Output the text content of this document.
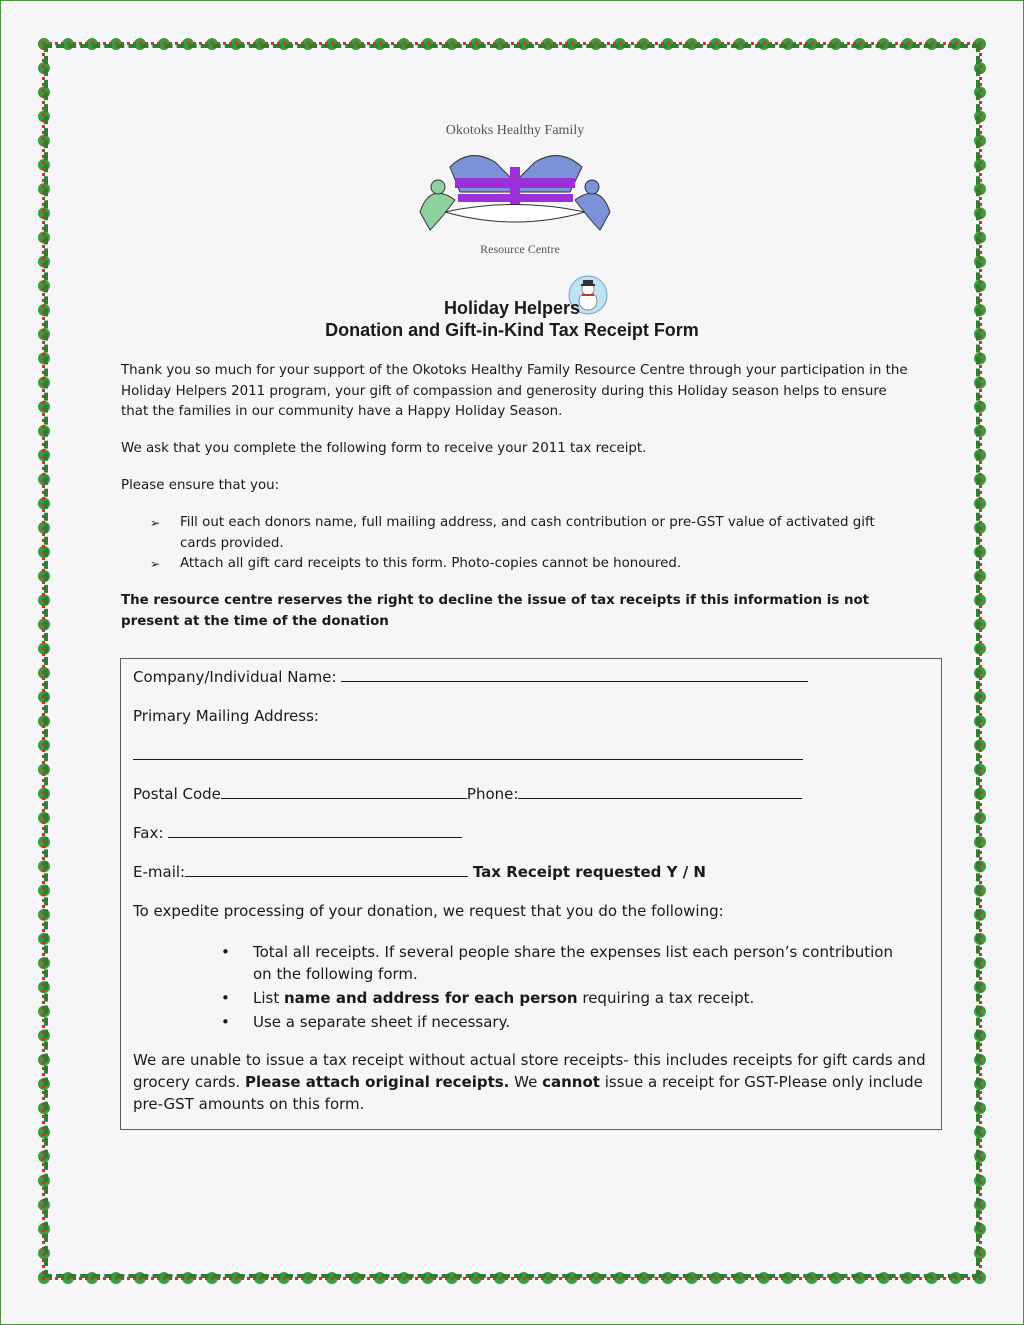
Okotoks Healthy Family
Resource Centre
Holiday Helpers
Donation and Gift-in-Kind Tax Receipt Form

Thank you so much for your support of the Okotoks Healthy Family Resource Centre through your participation in the Holiday Helpers 2011 program, your gift of compassion and generosity during this Holiday season helps to ensure that the families in our community have a Happy Holiday Season.

We ask that you complete the following form to receive your 2011 tax receipt.

Please ensure that you:

➢ Fill out each donors name, full mailing address, and cash contribution or pre-GST value of activated gift cards provided.
➢ Attach all gift card receipts to this form. Photo-copies cannot be honoured.

The resource centre reserves the right to decline the issue of tax receipts if this information is not present at the time of the donation

Company/Individual Name:
Primary Mailing Address:
Postal Code	Phone:
Fax:
E-mail:	Tax Receipt requested Y / N
To expedite processing of your donation, we request that you do the following:
• Total all receipts. If several people share the expenses list each person’s contribution on the following form.
• List name and address for each person requiring a tax receipt.
• Use a separate sheet if necessary.

We are unable to issue a tax receipt without actual store receipts- this includes receipts for gift cards and grocery cards. Please attach original receipts. We cannot issue a receipt for GST-Please only include pre-GST amounts on this form.
